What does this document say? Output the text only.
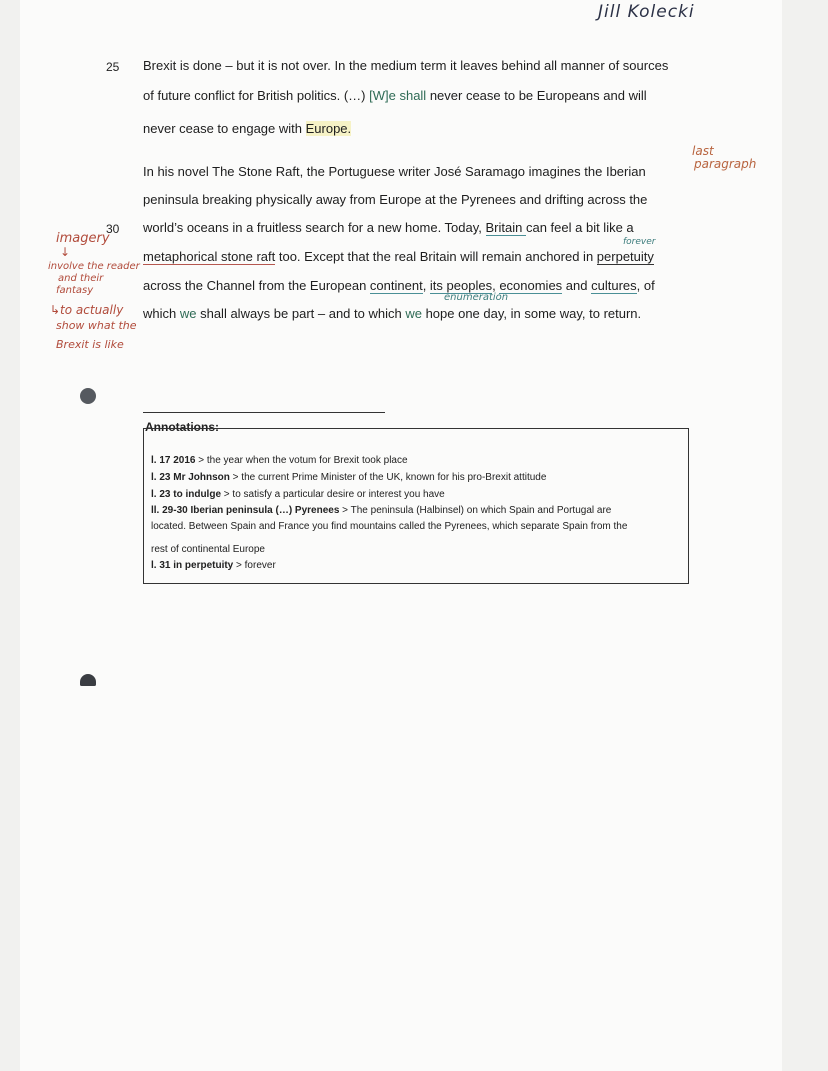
Jill Kolecki
25 Brexit is done – but it is not over. In the medium term it leaves behind all manner of sources
of future conflict for British politics. (…) [W]e shall never cease to be Europeans and will
never cease to engage with Europe.
In his novel The Stone Raft, the Portuguese writer José Saramago imagines the Iberian
peninsula breaking physically away from Europe at the Pyrenees and drifting across the
30 world’s oceans in a fruitless search for a new home. Today, Britain can feel a bit like a
metaphorical stone raft too. Except that the real Britain will remain anchored in perpetuity
across the Channel from the European continent, its peoples, economies and cultures, of
which we shall always be part – and to which we hope one day, in some way, to return.
last
paragraph
forever
enumeration
imagery
↓
involve the reader
and their
fantasy
↳to actually
show what the
Brexit is like
Annotations:
l. 17 2016 > the year when the votum for Brexit took place
l. 23 Mr Johnson > the current Prime Minister of the UK, known for his pro-Brexit attitude
l. 23 to indulge > to satisfy a particular desire or interest you have
ll. 29-30 Iberian peninsula (…) Pyrenees > The peninsula (Halbinsel) on which Spain and Portugal are
located. Between Spain and France you find mountains called the Pyrenees, which separate Spain from the
rest of continental Europe
l. 31 in perpetuity > forever
